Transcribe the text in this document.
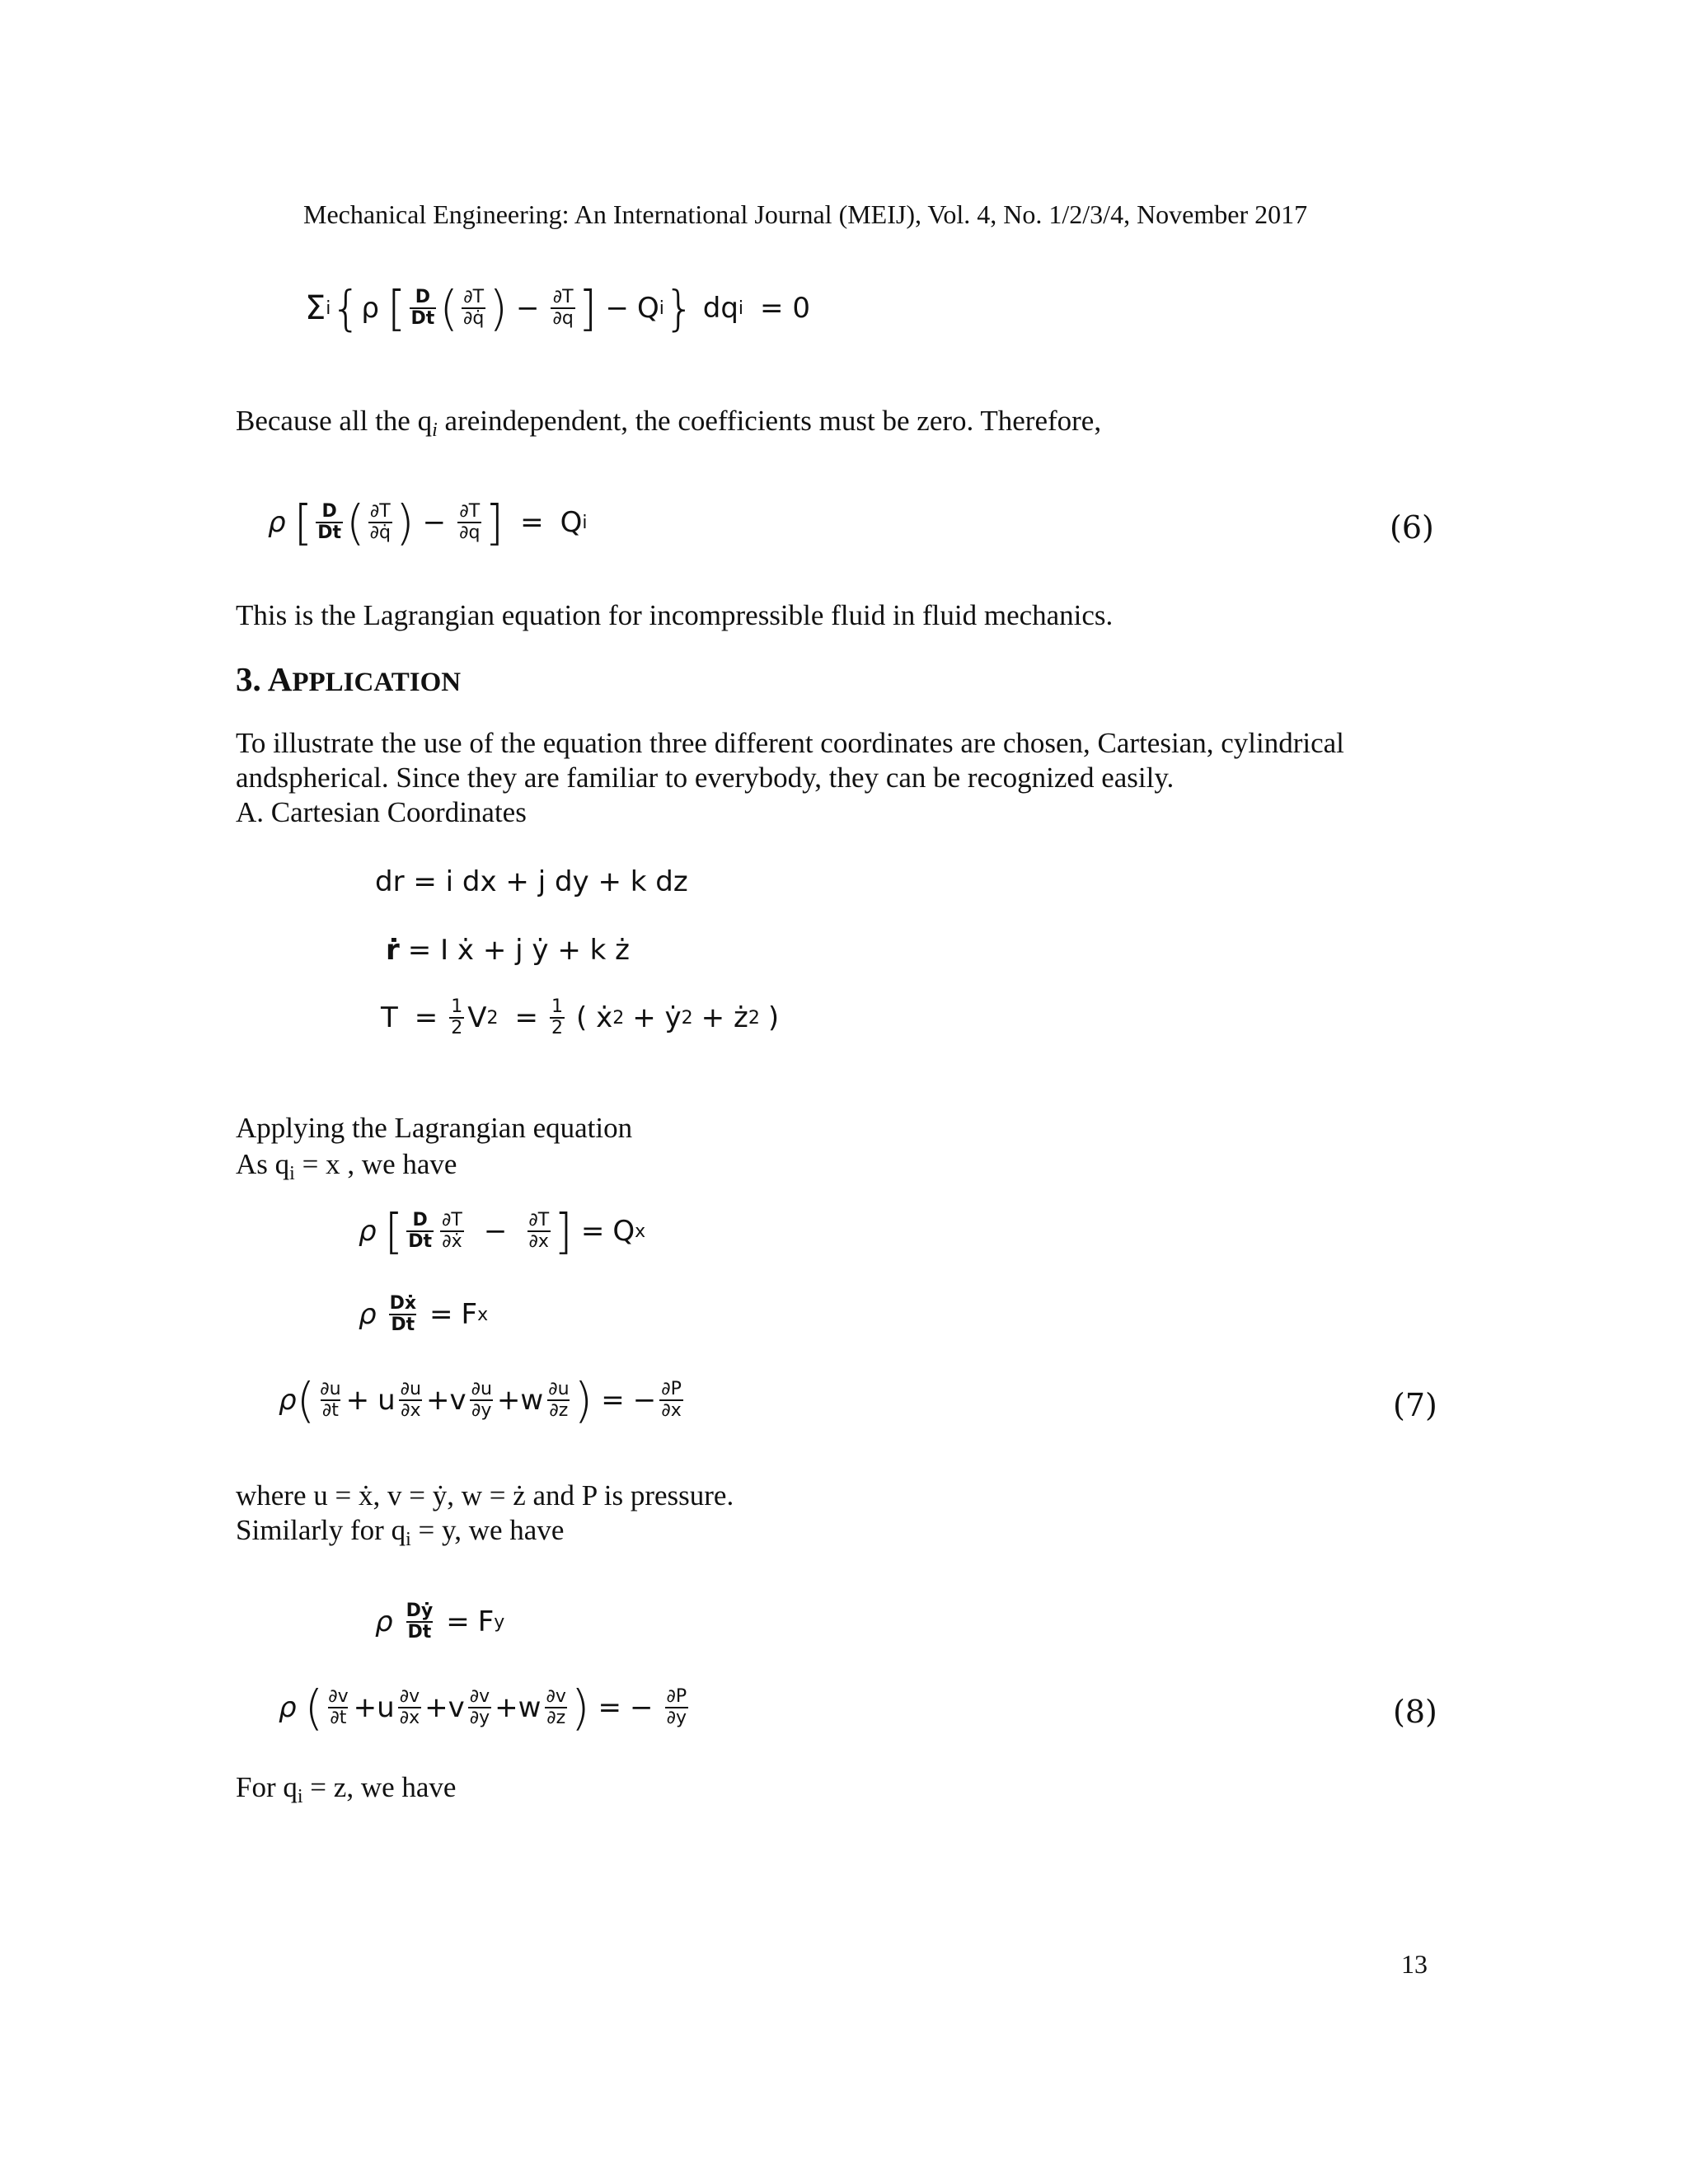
Mechanical Engineering: An International Journal (MEIJ), Vol. 4, No. 1/2/3/4, November 2017
Σ i { ρ [ $\frac{D}{Dt}$ ( $\frac{\partial T}{\partial q̇}$ ) − $\frac{\partial T}{\partial q}$ ] − Q i } dq i = 0
Because all the $q_i$ areindependent, the coefficients must be zero. Therefore,
ρ [ $\frac{D}{Dt}$ ( $\frac{\partial T}{\partial q̇}$ ) − $\frac{\partial T}{\partial q}$ ] = Q i	(6)
This is the Lagrangian equation for incompressible fluid in fluid mechanics.
3. APPLICATION
To illustrate the use of the equation three different coordinates are chosen, Cartesian, cylindrical
andspherical. Since they are familiar to everybody, they can be recognized easily.
A. Cartesian Coordinates
dr = i dx + j dy + k dz
ṙ = I ẋ + j ẏ + k ż
$T = \frac{1}{2}$ V $2 = \frac{1}{2}$ ( ẋ 2 + ẏ 2 + ż 2 )
Applying the Lagrangian equation
As $q_i = x$ , we have
ρ [ $\frac{D}{Dt} \frac{\partial T}{\text{∂ẋ}} - \frac{\partial T}{\partial x}$ ] = Q x
ρ $\frac{\text{Dẋ}}{Dt} = F$ x
ρ ( $\frac{\partial u}{\partial t} + u \frac{\partial u}{\partial x} + v \frac{\partial u}{\partial y} + w \frac{\partial u}{\partial z}$ ) = − $\frac{\partial P}{\partial x}$	(7)
where u = ẋ, v = ẏ, w = ż and P is pressure.
Similarly for $q_i = y$, we have
ρ $\frac{\text{Dẏ}}{Dt} = F$ y
ρ ( $\frac{\partial v}{\partial t} + u \frac{\partial v}{\partial x} + v \frac{\partial v}{\partial y} + w \frac{\partial v}{\partial z}$ ) = − $\frac{\partial P}{\partial y}$	(8)
For $q_i = z$, we have
13
